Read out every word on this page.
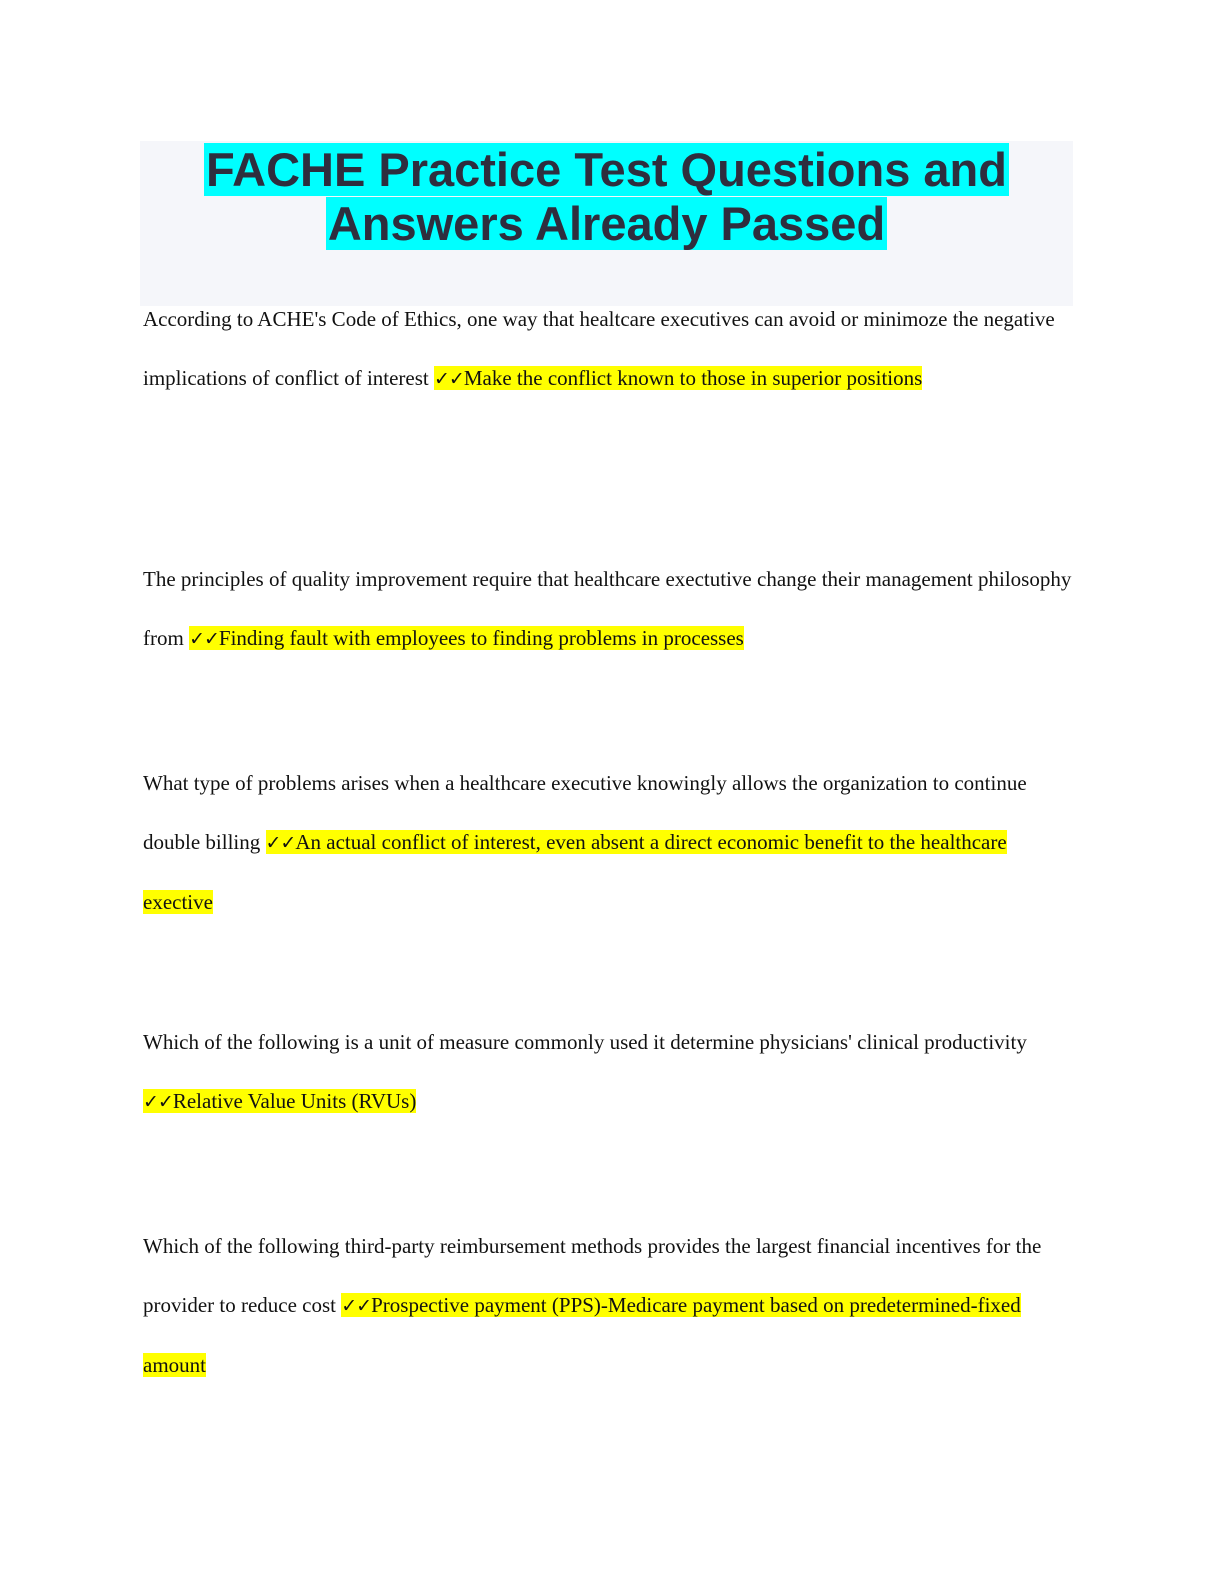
FACHE Practice Test Questions and
Answers Already Passed

According to ACHE's Code of Ethics, one way that healtcare executives can avoid or minimoze the negative implications of conflict of interest ✓✓Make the conflict known to those in superior positions

The principles of quality improvement require that healthcare exectutive change their management philosophy from ✓✓Finding fault with employees to finding problems in processes

What type of problems arises when a healthcare executive knowingly allows the organization to continue double billing ✓✓An actual conflict of interest, even absent a direct economic benefit to the healthcare exective

Which of the following is a unit of measure commonly used it determine physicians' clinical productivity ✓✓Relative Value Units (RVUs)

Which of the following third-party reimbursement methods provides the largest financial incentives for the provider to reduce cost ✓✓Prospective payment (PPS)-Medicare payment based on predetermined-fixed amount
